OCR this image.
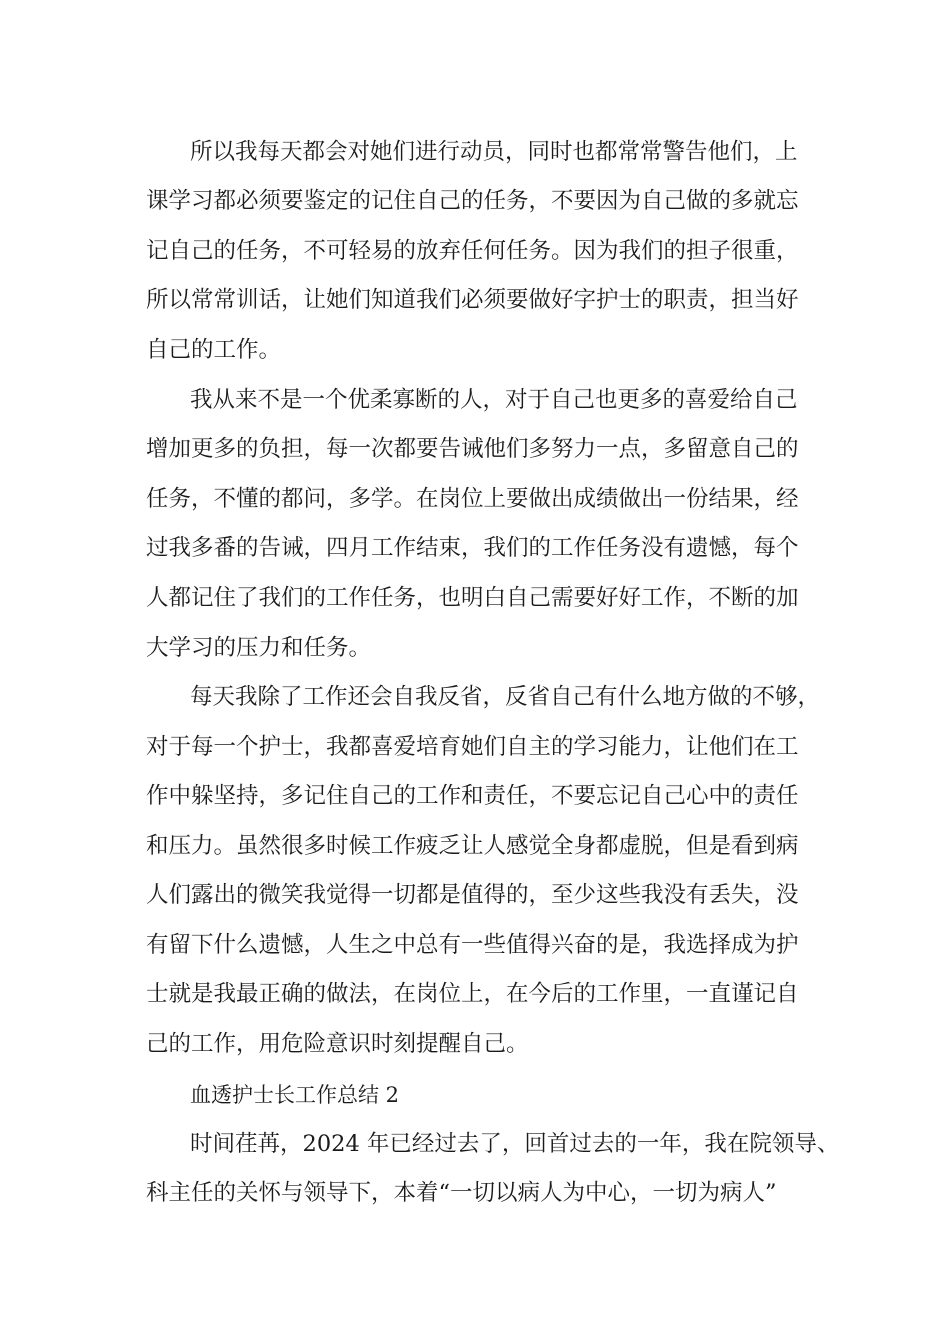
所以我每天都会对她们进行动员，同时也都常常警告他们，上

课学习都必须要鉴定的记住自己的任务，不要因为自己做的多就忘

记自己的任务，不可轻易的放弃任何任务。因为我们的担子很重，

所以常常训话，让她们知道我们必须要做好字护士的职责，担当好

自己的工作。

我从来不是一个优柔寡断的人，对于自己也更多的喜爱给自己

增加更多的负担，每一次都要告诫他们多努力一点，多留意自己的

任务，不懂的都问，多学。在岗位上要做出成绩做出一份结果，经

过我多番的告诫，四月工作结束，我们的工作任务没有遗憾，每个

人都记住了我们的工作任务，也明白自己需要好好工作，不断的加

大学习的压力和任务。

每天我除了工作还会自我反省，反省自己有什么地方做的不够，

对于每一个护士，我都喜爱培育她们自主的学习能力，让他们在工

作中躲坚持，多记住自己的工作和责任，不要忘记自己心中的责任

和压力。虽然很多时候工作疲乏让人感觉全身都虚脱，但是看到病

人们露出的微笑我觉得一切都是值得的，至少这些我没有丢失，没

有留下什么遗憾，人生之中总有一些值得兴奋的是，我选择成为护

士就是我最正确的做法，在岗位上，在今后的工作里，一直谨记自

己的工作，用危险意识时刻提醒自己。

血透护士长工作总结 2

时间荏苒，2024 年已经过去了，回首过去的一年，我在院领导、

科主任的关怀与领导下，本着“一切以病人为中心，一切为病人”
